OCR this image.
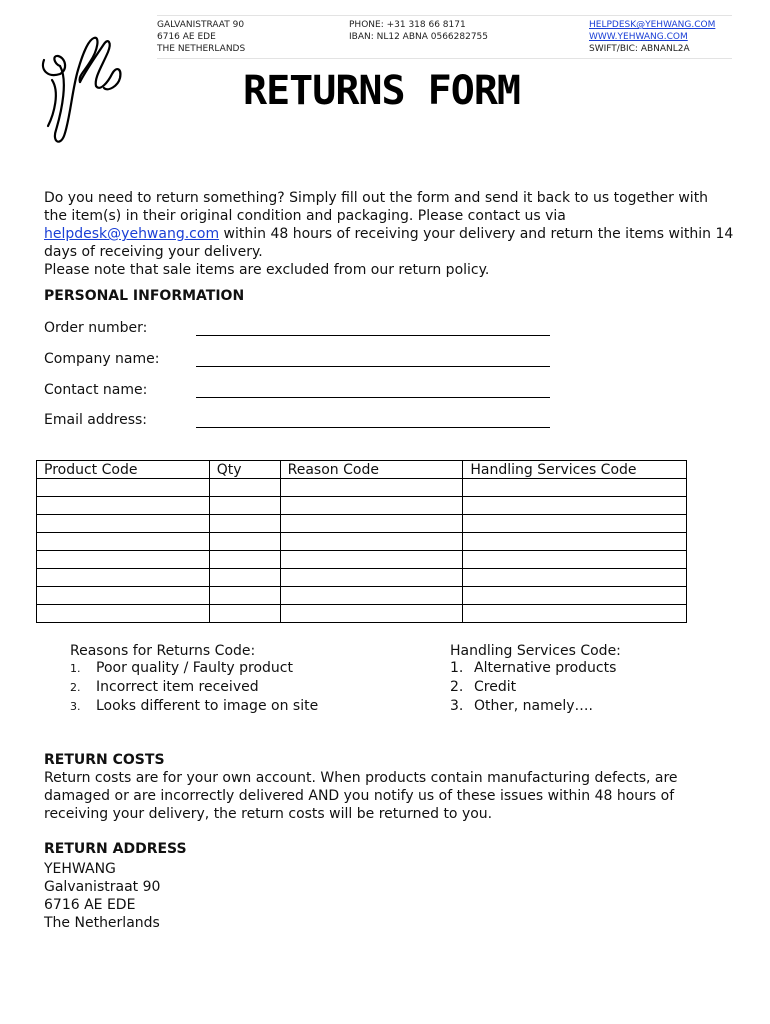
GALVANISTRAAT 90
6716 AE EDE
THE NETHERLANDS
PHONE: +31 318 66 8171
IBAN: NL12 ABNA 0566282755
HELPDESK@YEHWANG.COM
WWW.YEHWANG.COM
SWIFT/BIC: ABNANL2A
RETURNS FORM
Do you need to return something? Simply fill out the form and send it back to us together with
the item(s) in their original condition and packaging. Please contact us via
helpdesk@yehwang.com within 48 hours of receiving your delivery and return the items within 14
days of receiving your delivery.
Please note that sale items are excluded from our return policy.
PERSONAL INFORMATION
Order number:
Company name:
Contact name:
Email address:
Product Code	Qty	Reason Code	Handling Services Code

Reasons for Returns Code:
1.	Poor quality / Faulty product
2.	Incorrect item received
3.	Looks different to image on site
Handling Services Code:
1. Alternative products
2. Credit
3. Other, namely….
RETURN COSTS
Return costs are for your own account. When products contain manufacturing defects, are
damaged or are incorrectly delivered AND you notify us of these issues within 48 hours of
receiving your delivery, the return costs will be returned to you.
RETURN ADDRESS
YEHWANG
Galvanistraat 90
6716 AE EDE
The Netherlands
